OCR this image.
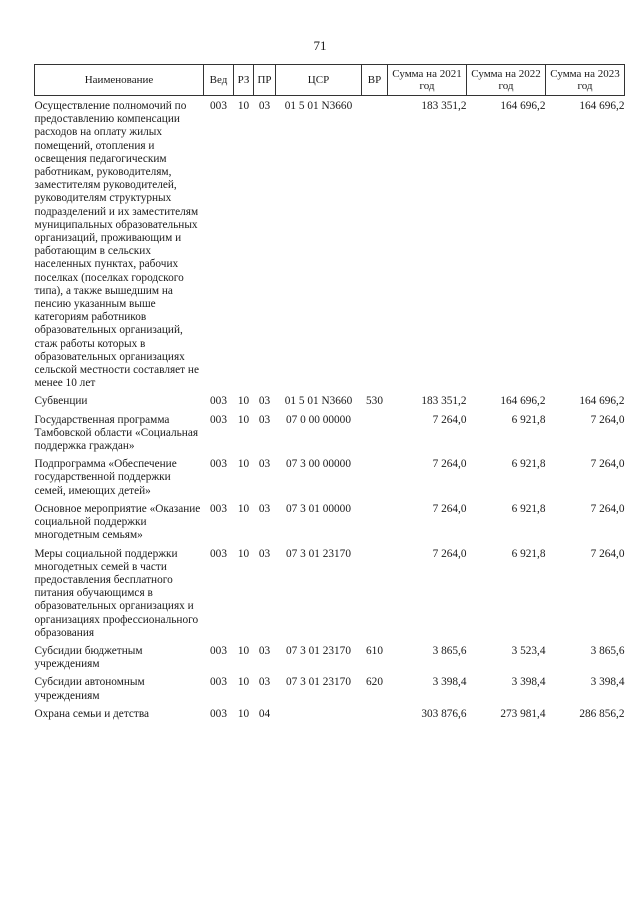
71
Наименование	Вед	РЗ	ПР	ЦСР	ВР	Сумма на 2021 год	Сумма на 2022 год	Сумма на 2023 год
Осуществление полномочий по предоставлению компенсации расходов на оплату жилых помещений, отопления и освещения педагогическим работникам, руководителям, заместителям руководителей, руководителям структурных подразделений и их заместителям муниципальных образовательных организаций, проживающим и работающим в сельских населенных пунктах, рабочих поселках (поселках городского типа), а также вышедшим на пенсию указанным выше категориям работников образовательных организаций, стаж работы которых в образовательных организациях сельской местности составляет не менее 10 лет	003	10	03	01 5 01 N3660		183 351,2	164 696,2	164 696,2
Субвенции	003	10	03	01 5 01 N3660	530	183 351,2	164 696,2	164 696,2
Государственная программа Тамбовской области «Социальная поддержка граждан»	003	10	03	07 0 00 00000		7 264,0	6 921,8	7 264,0
Подпрограмма «Обеспечение государственной поддержки семей, имеющих детей»	003	10	03	07 3 00 00000		7 264,0	6 921,8	7 264,0
Основное мероприятие «Оказание социальной поддержки многодетным семьям»	003	10	03	07 3 01 00000		7 264,0	6 921,8	7 264,0
Меры социальной поддержки многодетных семей в части предоставления бесплатного питания обучающимся в образовательных организациях и организациях профессионального образования	003	10	03	07 3 01 23170		7 264,0	6 921,8	7 264,0
Субсидии бюджетным учреждениям	003	10	03	07 3 01 23170	610	3 865,6	3 523,4	3 865,6
Субсидии автономным учреждениям	003	10	03	07 3 01 23170	620	3 398,4	3 398,4	3 398,4
Охрана семьи и детства	003	10	04			303 876,6	273 981,4	286 856,2
